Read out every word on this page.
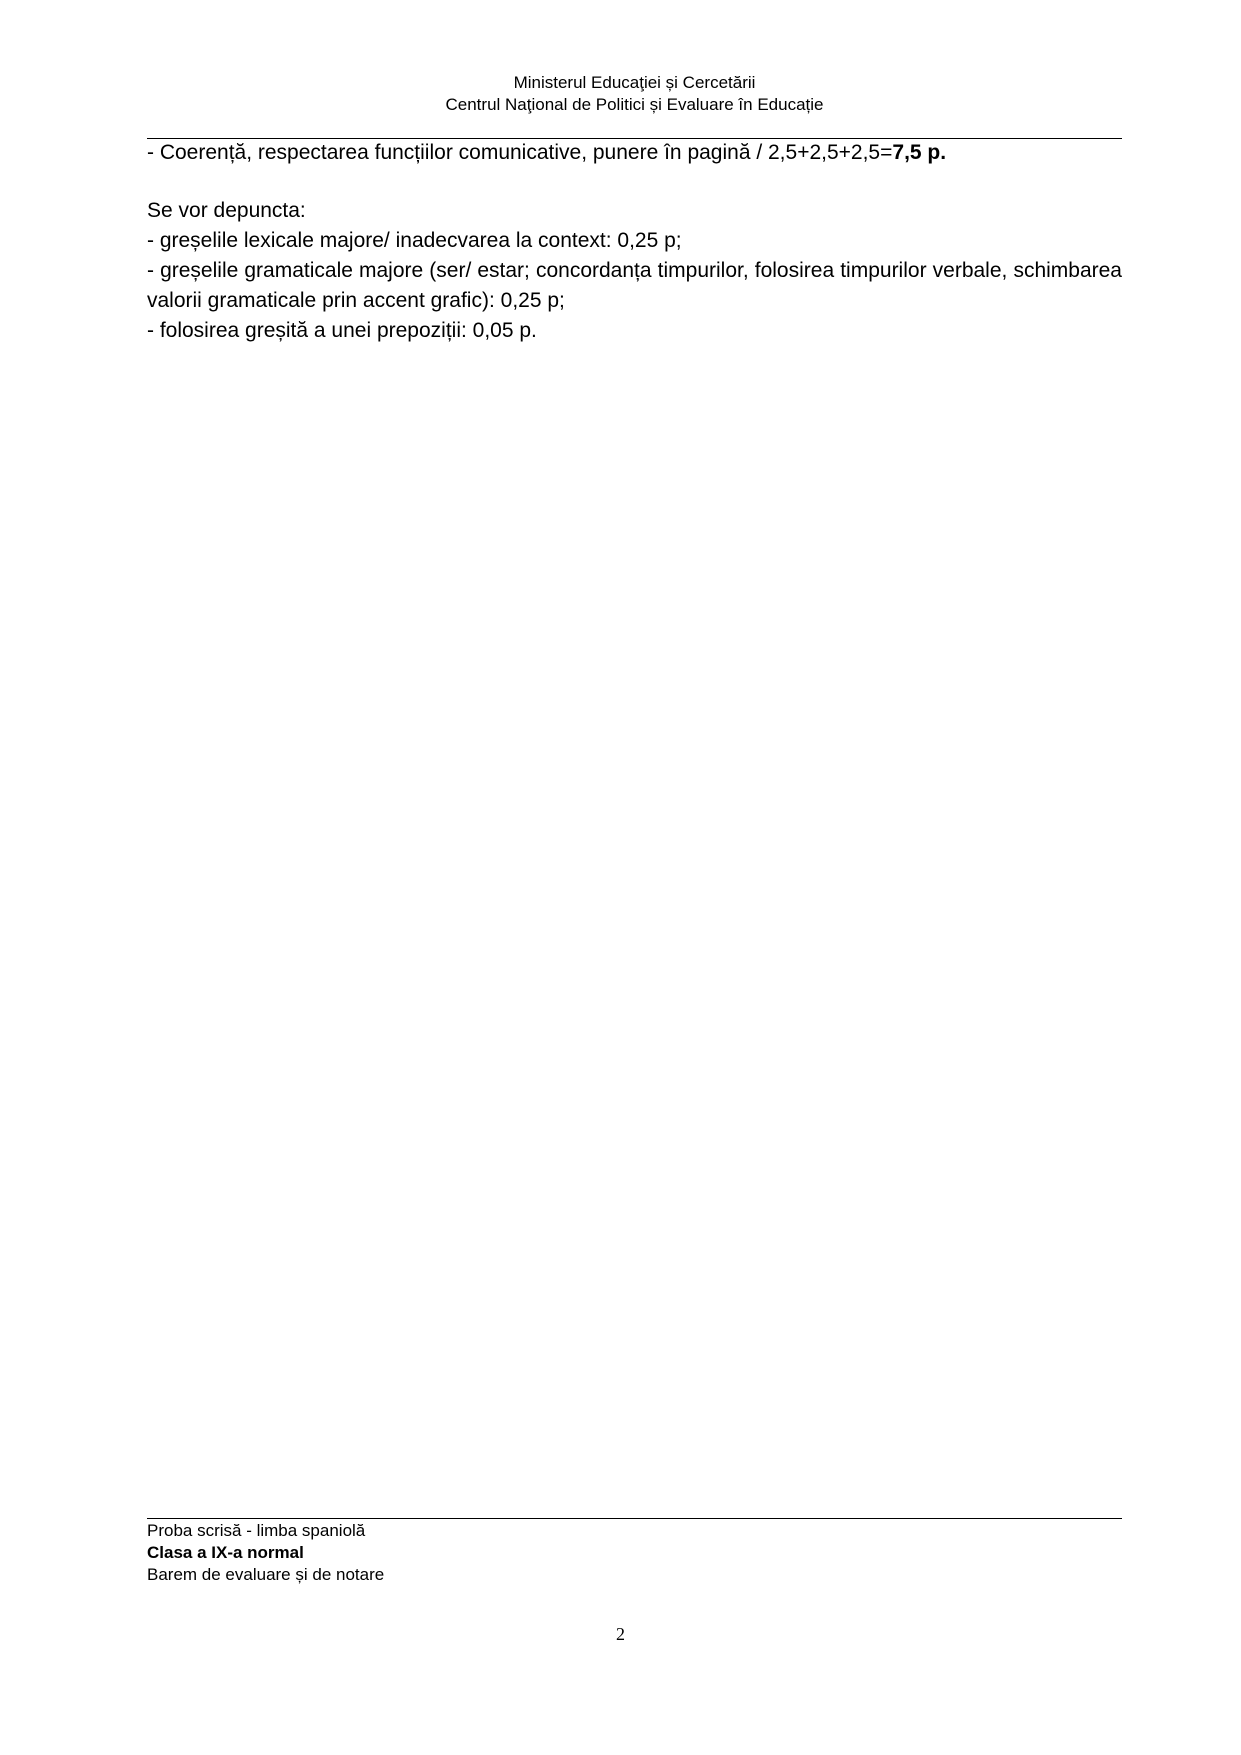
Ministerul Educaţiei și Cercetării
Centrul Naţional de Politici și Evaluare în Educație

- Coerență, respectarea funcțiilor comunicative, punere în pagină / 2,5+2,5+2,5=7,5 p.

Se vor depuncta:

- greșelile lexicale majore/ inadecvarea la context: 0,25 p;

- greșelile gramaticale majore (ser/ estar; concordanța timpurilor, folosirea timpurilor verbale, schimbarea valorii gramaticale prin accent grafic): 0,25 p;

- folosirea greșită a unei prepoziții: 0,05 p.

Proba scrisă - limba spaniolă
Clasa a IX-a normal
Barem de evaluare și de notare
2
